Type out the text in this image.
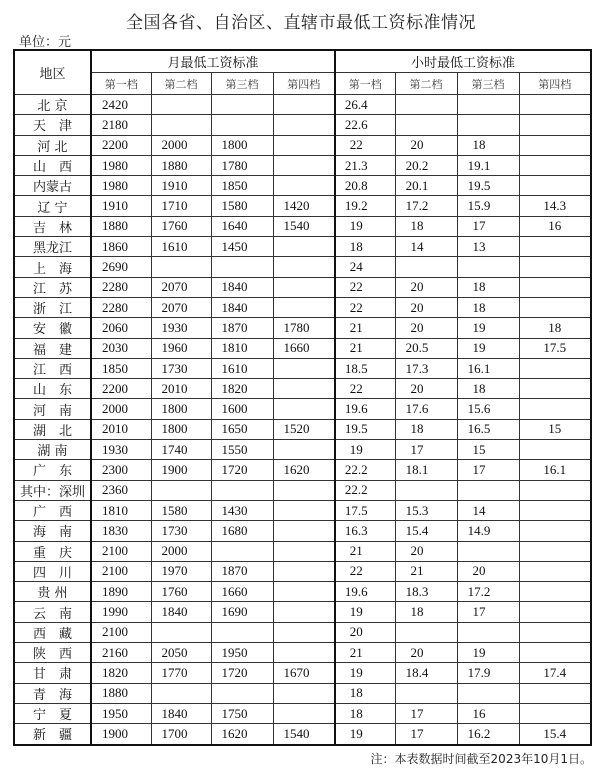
全国各省、自治区、直辖市最低工资标准情况
单位：元
地区	月最低工资标准				小时最低工资标准			
	第一档	第二档	第三档	第四档	第一档	第二档	第三档	第四档
北 京	2420				26.4			
天　津	2180				22.6			
河 北	2200	2000	1800		22	20	18	
山　西	1980	1880	1780		21.3	20.2	19.1	
内蒙古	1980	1910	1850		20.8	20.1	19.5	
辽 宁	1910	1710	1580	1420	19.2	17.2	15.9	14.3
吉　林	1880	1760	1640	1540	19	18	17	16
黑龙江	1860	1610	1450		18	14	13	
上　海	2690				24			
江　苏	2280	2070	1840		22	20	18	
浙　江	2280	2070	1840		22	20	18	
安　徽	2060	1930	1870	1780	21	20	19	18
福　建	2030	1960	1810	1660	21	20.5	19	17.5
江　西	1850	1730	1610		18.5	17.3	16.1	
山　东	2200	2010	1820		22	20	18	
河　南	2000	1800	1600		19.6	17.6	15.6	
湖　北	2010	1800	1650	1520	19.5	18	16.5	15
湖 南	1930	1740	1550		19	17	15	
广　东	2300	1900	1720	1620	22.2	18.1	17	16.1
其中：深圳	2360				22.2			
广　西	1810	1580	1430		17.5	15.3	14	
海　南	1830	1730	1680		16.3	15.4	14.9	
重　庆	2100	2000			21	20		
四　川	2100	1970	1870		22	21	20	
贵 州	1890	1760	1660		19.6	18.3	17.2	
云　南	1990	1840	1690		19	18	17	
西　藏	2100				20			
陕　西	2160	2050	1950		21	20	19	
甘　肃	1820	1770	1720	1670	19	18.4	17.9	17.4
青　海	1880				18			
宁　夏	1950	1840	1750		18	17	16	
新　疆	1900	1700	1620	1540	19	17	16.2	15.4
注：本表数据时间截至2023年10月1日。
